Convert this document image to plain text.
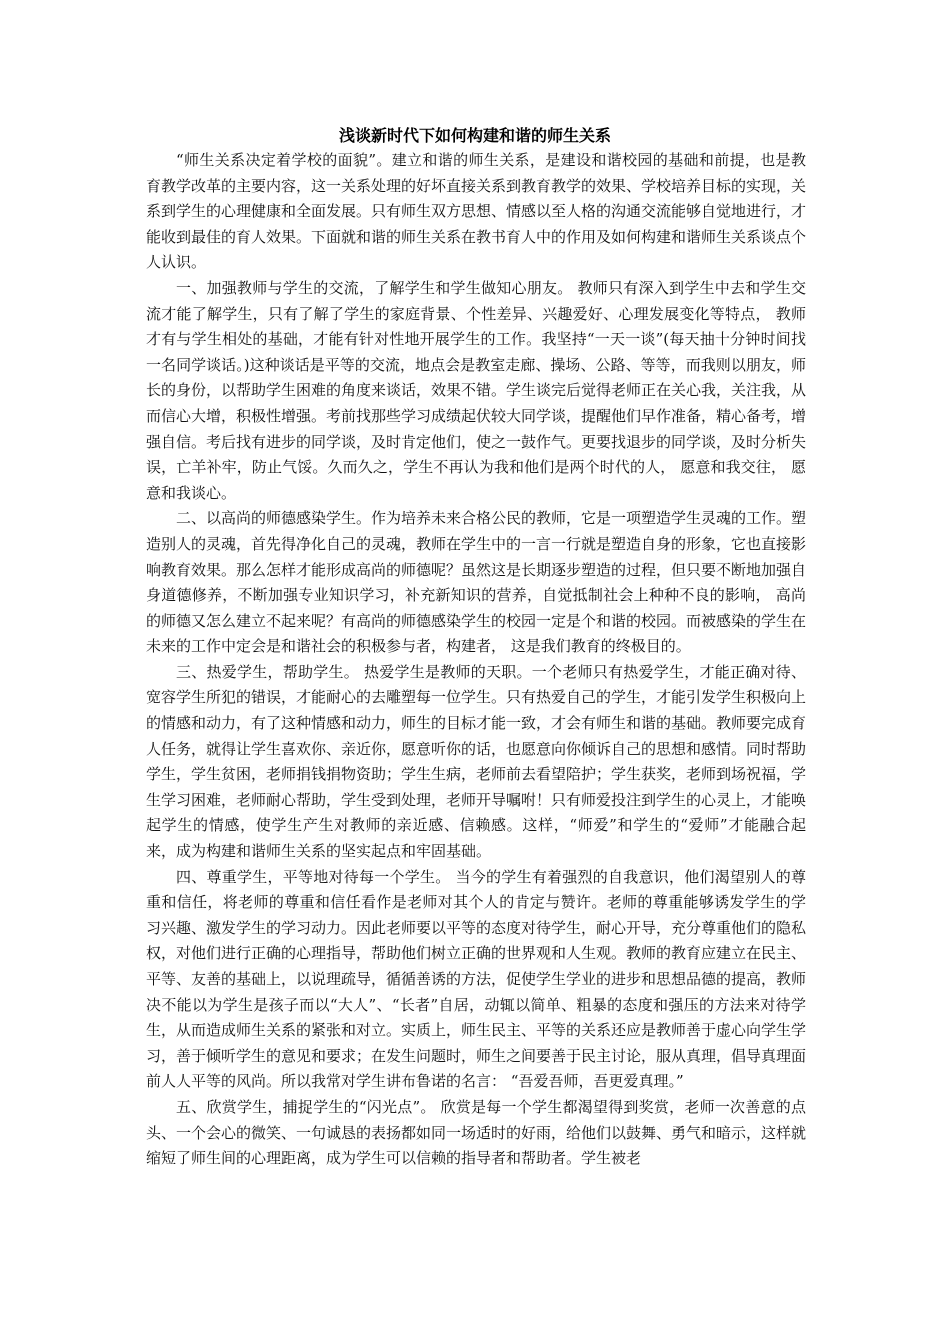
浅谈新时代下如何构建和谐的师生关系

“师生关系决定着学校的面貌”。建立和谐的师生关系，是建设和谐校园的基础和前提，也是教育教学改革的主要内容，这一关系处理的好坏直接关系到教育教学的效果、学校培养目标的实现，关系到学生的心理健康和全面发展。只有师生双方思想、情感以至人格的沟通交流能够自觉地进行，才能收到最佳的育人效果。下面就和谐的师生关系在教书育人中的作用及如何构建和谐师生关系谈点个人认识。

一、加强教师与学生的交流，了解学生和学生做知心朋友。 教师只有深入到学生中去和学生交流才能了解学生，只有了解了学生的家庭背景、个性差异、兴趣爱好、心理发展变化等特点， 教师才有与学生相处的基础，才能有针对性地开展学生的工作。我坚持“一天一谈”(每天抽十分钟时间找一名同学谈话。)这种谈话是平等的交流，地点会是教室走廊、操场、公路、等等，而我则以朋友，师长的身份，以帮助学生困难的角度来谈话，效果不错。学生谈完后觉得老师正在关心我，关注我，从而信心大增，积极性增强。考前找那些学习成绩起伏较大同学谈，提醒他们早作准备，精心备考，增强自信。考后找有进步的同学谈，及时肯定他们，使之一鼓作气。更要找退步的同学谈，及时分析失误，亡羊补牢，防止气馁。久而久之，学生不再认为我和他们是两个时代的人， 愿意和我交往， 愿意和我谈心。

二、以高尚的师德感染学生。作为培养未来合格公民的教师，它是一项塑造学生灵魂的工作。塑造别人的灵魂，首先得净化自己的灵魂，教师在学生中的一言一行就是塑造自身的形象，它也直接影响教育效果。那么怎样才能形成高尚的师德呢？虽然这是长期逐步塑造的过程，但只要不断地加强自身道德修养，不断加强专业知识学习，补充新知识的营养，自觉抵制社会上种种不良的影响， 高尚的师德又怎么建立不起来呢？有高尚的师德感染学生的校园一定是个和谐的校园。而被感染的学生在未来的工作中定会是和谐社会的积极参与者，构建者， 这是我们教育的终极目的。

三、热爱学生，帮助学生。 热爱学生是教师的天职。一个老师只有热爱学生，才能正确对待、宽容学生所犯的错误，才能耐心的去雕塑每一位学生。只有热爱自己的学生，才能引发学生积极向上的情感和动力，有了这种情感和动力，师生的目标才能一致，才会有师生和谐的基础。教师要完成育人任务，就得让学生喜欢你、亲近你，愿意听你的话，也愿意向你倾诉自己的思想和感情。同时帮助学生，学生贫困，老师捐钱捐物资助；学生生病，老师前去看望陪护；学生获奖，老师到场祝福，学生学习困难，老师耐心帮助，学生受到处理，老师开导嘱咐！只有师爱投注到学生的心灵上，才能唤起学生的情感，使学生产生对教师的亲近感、信赖感。这样，“师爱”和学生的“爱师”才能融合起来，成为构建和谐师生关系的坚实起点和牢固基础。

四、尊重学生，平等地对待每一个学生。 当今的学生有着强烈的自我意识，他们渴望别人的尊重和信任，将老师的尊重和信任看作是老师对其个人的肯定与赞许。老师的尊重能够诱发学生的学 习兴趣、激发学生的学习动力。因此老师要以平等的态度对待学生，耐心开导，充分尊重他们的隐私权，对他们进行正确的心理指导，帮助他们树立正确的世界观和人生观。教师的教育应建立在民主、平等、友善的基础上，以说理疏导，循循善诱的方法，促使学生学业的进步和思想品德的提高，教师决不能以为学生是孩子而以“大人”、“长者”自居，动辄以简单、粗暴的态度和强压的方法来对待学生，从而造成师生关系的紧张和对立。实质上，师生民主、平等的关系还应是教师善于虚心向学生学习，善于倾听学生的意见和要求；在发生问题时，师生之间要善于民主讨论，服从真理，倡导真理面前人人平等的风尚。所以我常对学生讲布鲁诺的名言： “吾爱吾师，吾更爱真理。”

五、欣赏学生，捕捉学生的“闪光点”。 欣赏是每一个学生都渴望得到奖赏，老师一次善意的点头、一个会心的微笑、一句诚恳的表扬都如同一场适时的好雨，给他们以鼓舞、勇气和暗示，这样就缩短了师生间的心理距离，成为学生可以信赖的指导者和帮助者。学生被老
